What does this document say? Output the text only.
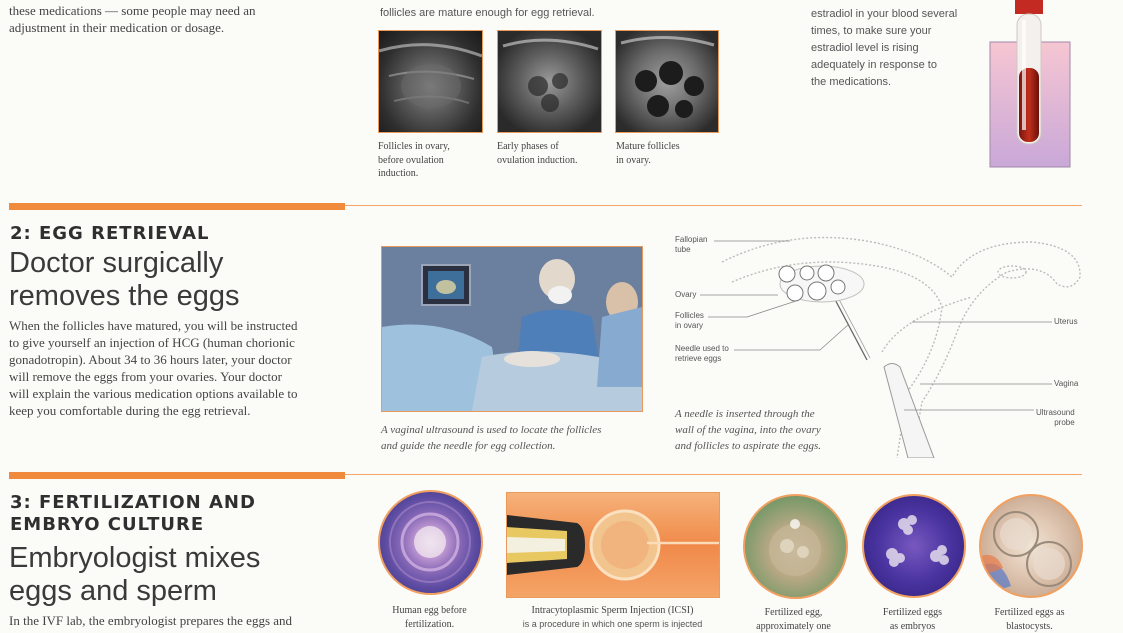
these medications — some people may need an
adjustment in their medication or dosage.
follicles are mature enough for egg retrieval.
Follicles in ovary,
before ovulation
induction.
Early phases of
ovulation induction.
Mature follicles
in ovary.
estradiol in your blood several
times, to make sure your
estradiol level is rising
adequately in response to
the medications.
2: EGG RETRIEVAL
Doctor surgically
removes the eggs
When the follicles have matured, you will be instructed
to give yourself an injection of HCG (human chorionic
gonadotropin). About 34 to 36 hours later, your doctor
will remove the eggs from your ovaries. Your doctor
will explain the various medication options available to
keep you comfortable during the egg retrieval.
A vaginal ultrasound is used to locate the follicles
and guide the needle for egg collection.
Fallopian
tube
Ovary
Follicles
in ovary
Needle used to
retrieve eggs
Uterus
Vagina
Ultrasound
probe
A needle is inserted through the
wall of the vagina, into the ovary
and follicles to aspirate the eggs.
3: FERTILIZATION AND
EMBRYO CULTURE
Embryologist mixes
eggs and sperm
In the IVF lab, the embryologist prepares the eggs and
Human egg before
fertilization.
Intracytoplasmic Sperm Injection (ICSI)
is a procedure in which one sperm is injected
Fertilized egg,
approximately one
Fertilized eggs
as embryos
Fertilized eggs as
blastocysts.
